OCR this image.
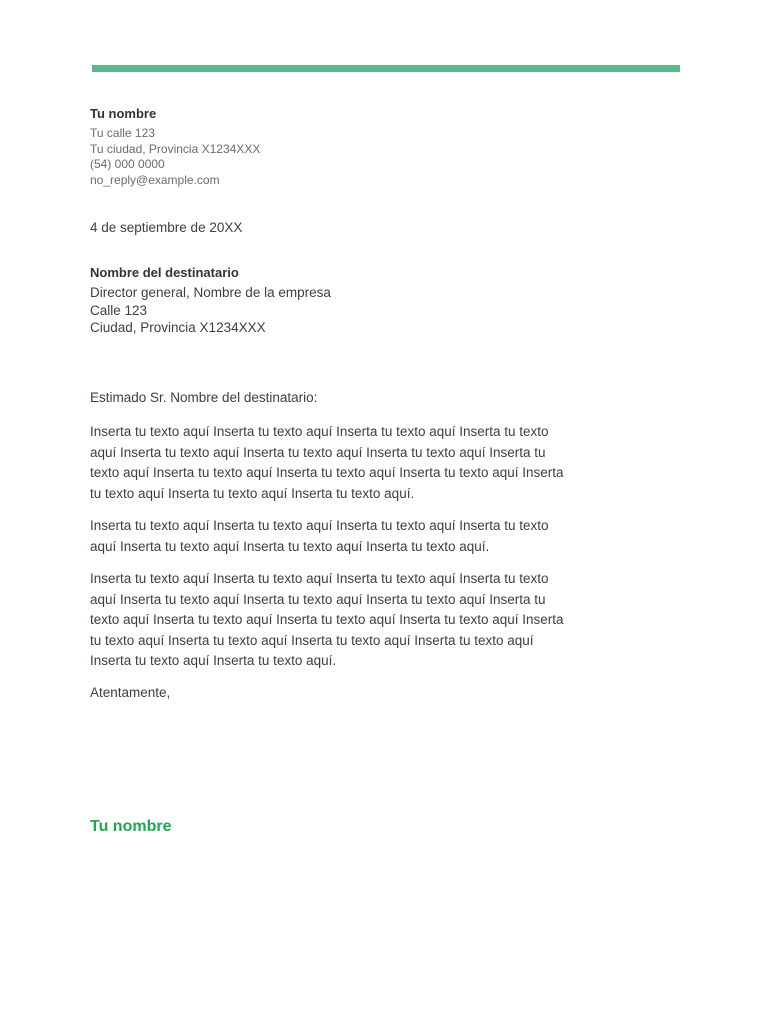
Tu nombre
Tu calle 123
Tu ciudad, Provincia X1234XXX
(54) 000 0000
no_reply@example.com
4 de septiembre de 20XX
Nombre del destinatario
Director general, Nombre de la empresa
Calle 123
Ciudad, Provincia X1234XXX

Estimado Sr. Nombre del destinatario:

Inserta tu texto aquí Inserta tu texto aquí Inserta tu texto aquí Inserta tu texto aquí Inserta tu texto aquí Inserta tu texto aquí Inserta tu texto aquí Inserta tu texto aquí Inserta tu texto aquí Inserta tu texto aquí Inserta tu texto aquí Inserta tu texto aquí Inserta tu texto aquí Inserta tu texto aquí.

Inserta tu texto aquí Inserta tu texto aquí Inserta tu texto aquí Inserta tu texto aquí Inserta tu texto aquí Inserta tu texto aquí Inserta tu texto aquí.

Inserta tu texto aquí Inserta tu texto aquí Inserta tu texto aquí Inserta tu texto aquí Inserta tu texto aquí Inserta tu texto aquí Inserta tu texto aquí Inserta tu texto aquí Inserta tu texto aquí Inserta tu texto aquí Inserta tu texto aquí Inserta tu texto aquí Inserta tu texto aquí Inserta tu texto aquí Inserta tu texto aquí Inserta tu texto aquí Inserta tu texto aquí.

Atentamente,

Tu nombre
